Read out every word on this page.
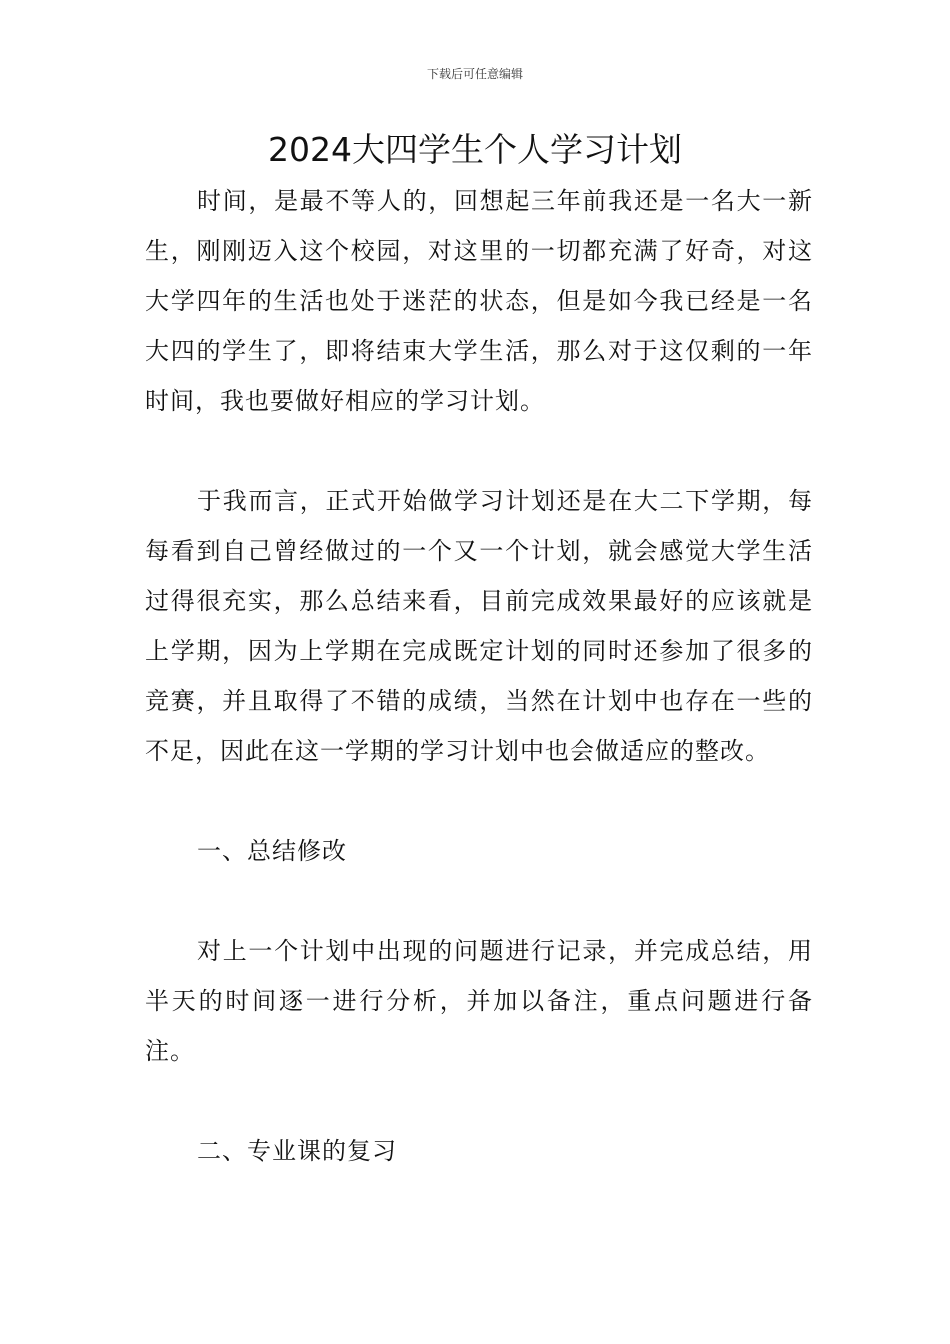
下载后可任意编辑
2024大四学生个人学习计划

时间，是最不等人的，回想起三年前我还是一名大一新生，刚刚迈入这个校园，对这里的一切都充满了好奇，对这大学四年的生活也处于迷茫的状态，但是如今我已经是一名大四的学生了，即将结束大学生活，那么对于这仅剩的一年时间，我也要做好相应的学习计划。

于我而言，正式开始做学习计划还是在大二下学期，每每看到自己曾经做过的一个又一个计划，就会感觉大学生活过得很充实，那么总结来看，目前完成效果最好的应该就是上学期，因为上学期在完成既定计划的同时还参加了很多的竞赛，并且取得了不错的成绩，当然在计划中也存在一些的不足，因此在这一学期的学习计划中也会做适应的整改。

一、总结修改

对上一个计划中出现的问题进行记录，并完成总结，用半天的时间逐一进行分析，并加以备注，重点问题进行备注。

二、专业课的复习
